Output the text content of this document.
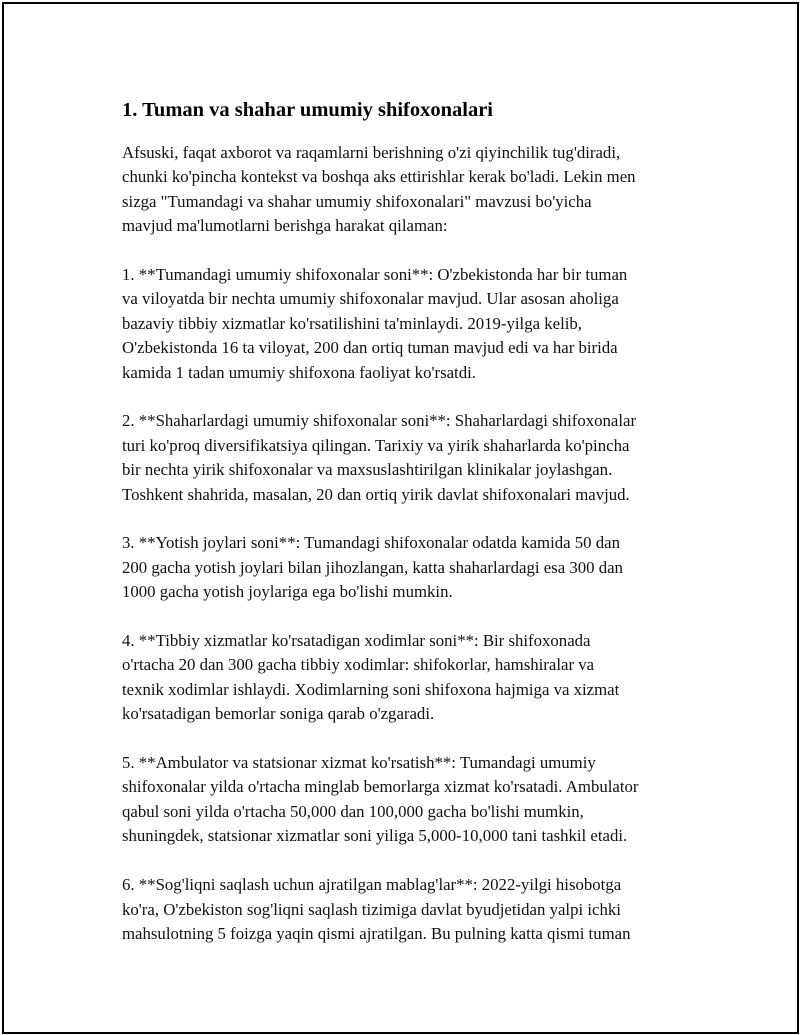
1. Tuman va shahar umumiy shifoxonalari
Afsuski, faqat axborot va raqamlarni berishning o'zi qiyinchilik tug'diradi,
chunki ko'pincha kontekst va boshqa aks ettirishlar kerak bo'ladi. Lekin men
sizga "Tumandagi va shahar umumiy shifoxonalari" mavzusi bo'yicha
mavjud ma'lumotlarni berishga harakat qilaman:
1. **Tumandagi umumiy shifoxonalar soni**: O'zbekistonda har bir tuman
va viloyatda bir nechta umumiy shifoxonalar mavjud. Ular asosan aholiga
bazaviy tibbiy xizmatlar ko'rsatilishini ta'minlaydi. 2019-yilga kelib,
O'zbekistonda 16 ta viloyat, 200 dan ortiq tuman mavjud edi va har birida
kamida 1 tadan umumiy shifoxona faoliyat ko'rsatdi.
2. **Shaharlardagi umumiy shifoxonalar soni**: Shaharlardagi shifoxonalar
turi ko'proq diversifikatsiya qilingan. Tarixiy va yirik shaharlarda ko'pincha
bir nechta yirik shifoxonalar va maxsuslashtirilgan klinikalar joylashgan.
Toshkent shahrida, masalan, 20 dan ortiq yirik davlat shifoxonalari mavjud.
3. **Yotish joylari soni**: Tumandagi shifoxonalar odatda kamida 50 dan
200 gacha yotish joylari bilan jihozlangan, katta shaharlardagi esa 300 dan
1000 gacha yotish joylariga ega bo'lishi mumkin.
4. **Tibbiy xizmatlar ko'rsatadigan xodimlar soni**: Bir shifoxonada
o'rtacha 20 dan 300 gacha tibbiy xodimlar: shifokorlar, hamshiralar va
texnik xodimlar ishlaydi. Xodimlarning soni shifoxona hajmiga va xizmat
ko'rsatadigan bemorlar soniga qarab o'zgaradi.
5. **Ambulator va statsionar xizmat ko'rsatish**: Tumandagi umumiy
shifoxonalar yilda o'rtacha minglab bemorlarga xizmat ko'rsatadi. Ambulator
qabul soni yilda o'rtacha 50,000 dan 100,000 gacha bo'lishi mumkin,
shuningdek, statsionar xizmatlar soni yiliga 5,000-10,000 tani tashkil etadi.
6. **Sog'liqni saqlash uchun ajratilgan mablag'lar**: 2022-yilgi hisobotga
ko'ra, O'zbekiston sog'liqni saqlash tizimiga davlat byudjetidan yalpi ichki
mahsulotning 5 foizga yaqin qismi ajratilgan. Bu pulning katta qismi tuman
